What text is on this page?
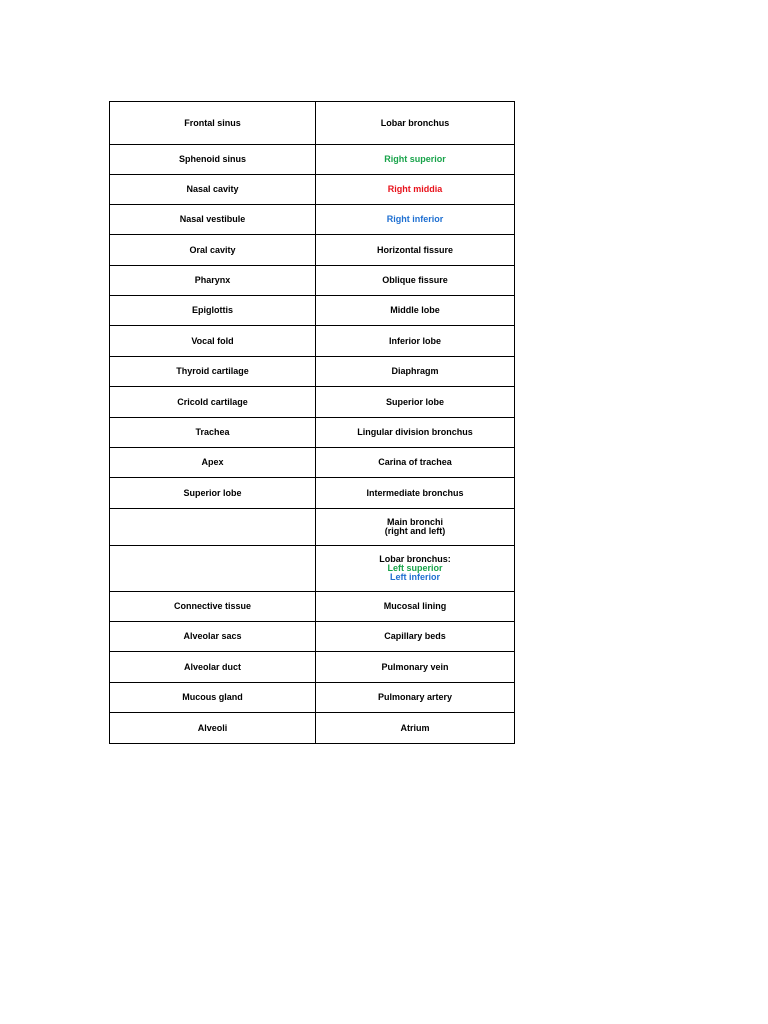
Frontal sinus	Lobar bronchus

Sphenoid sinus	Right superior

Nasal cavity	Right middia

Nasal vestibule	Right inferior

Oral cavity	Horizontal fissure

Pharynx	Oblique fissure

Epiglottis	Middle lobe

Vocal fold	Inferior lobe

Thyroid cartilage	Diaphragm

Cricold cartilage	Superior lobe

Trachea	Lingular division bronchus

Apex	Carina of trachea

Superior lobe	Intermediate bronchus

	Main bronchi
(right and left)

	Lobar bronchus:
Left superior
Left inferior

Connective tissue	Mucosal lining

Alveolar sacs	Capillary beds

Alveolar duct	Pulmonary vein

Mucous gland	Pulmonary artery

Alveoli	Atrium
